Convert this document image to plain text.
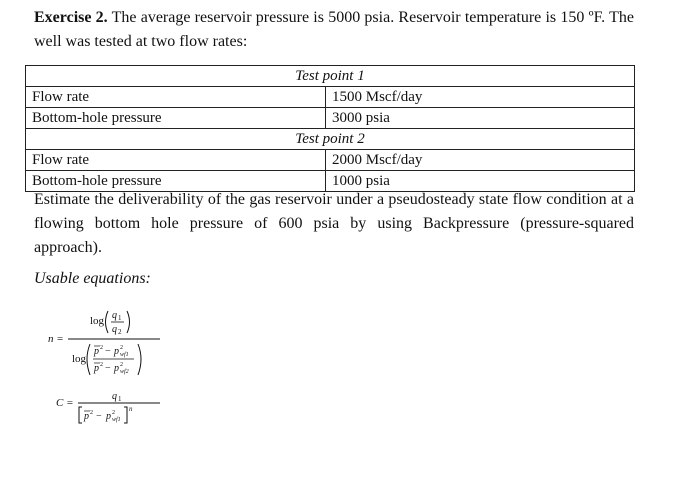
Exercise 2. The average reservoir pressure is 5000 psia. Reservoir temperature is 150 ºF. The well was tested at two flow rates:

Test point 1	
Flow rate	1500 Mscf/day
Bottom-hole pressure	3000 psia
Test point 2	
Flow rate	2000 Mscf/day
Bottom-hole pressure	1000 psia

Estimate the deliverability of the gas reservoir under a pseudosteady state flow condition at a flowing bottom hole pressure of 600 psia by using Backpressure (pressure-squared approach).

Usable equations:

n =
log q 1
q 2
log
p 2 − p 2
wf1
p 2 − p 2
wf2
C =
q 1
p 2 − p 2
wf1
n
